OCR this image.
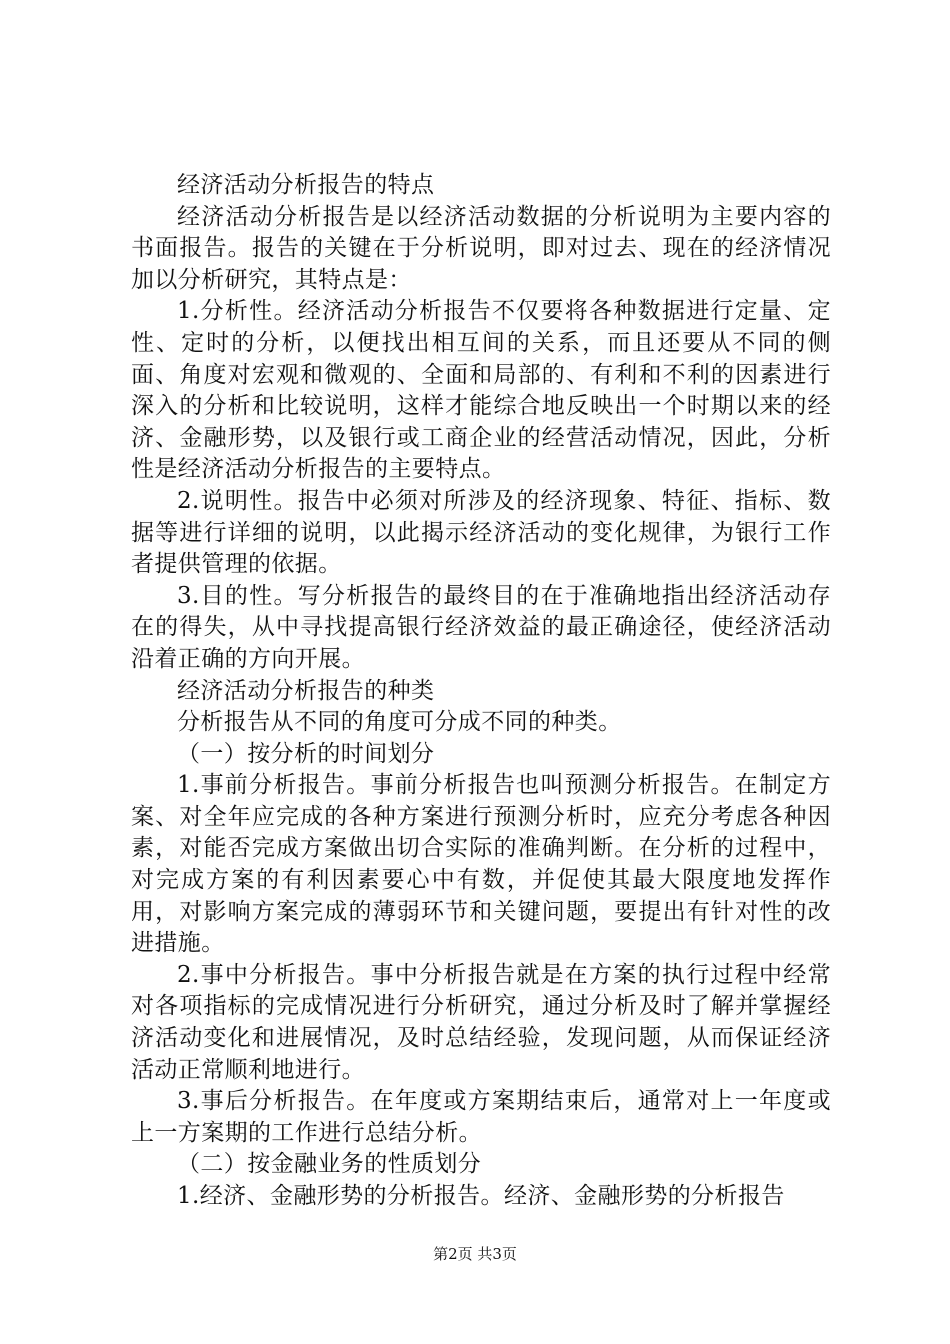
经济活动分析报告的特点

经济活动分析报告是以经济活动数据的分析说明为主要内容的书面报告。报告的关键在于分析说明，即对过去、现在的经济情况加以分析研究，其特点是：

1.分析性。经济活动分析报告不仅要将各种数据进行定量、定性、定时的分析，以便找出相互间的关系，而且还要从不同的侧面、角度对宏观和微观的、全面和局部的、有利和不利的因素进行深入的分析和比较说明，这样才能综合地反映出一个时期以来的经济、金融形势，以及银行或工商企业的经营活动情况，因此，分析性是经济活动分析报告的主要特点。

2.说明性。报告中必须对所涉及的经济现象、特征、指标、数据等进行详细的说明，以此揭示经济活动的变化规律，为银行工作者提供管理的依据。

3.目的性。写分析报告的最终目的在于准确地指出经济活动存在的得失，从中寻找提高银行经济效益的最正确途径，使经济活动沿着正确的方向开展。

经济活动分析报告的种类

分析报告从不同的角度可分成不同的种类。

（一）按分析的时间划分

1.事前分析报告。事前分析报告也叫预测分析报告。在制定方案、对全年应完成的各种方案进行预测分析时，应充分考虑各种因素，对能否完成方案做出切合实际的准确判断。在分析的过程中，对完成方案的有利因素要心中有数，并促使其最大限度地发挥作用，对影响方案完成的薄弱环节和关键问题，要提出有针对性的改进措施。

2.事中分析报告。事中分析报告就是在方案的执行过程中经常对各项指标的完成情况进行分析研究，通过分析及时了解并掌握经济活动变化和进展情况，及时总结经验，发现问题，从而保证经济活动正常顺利地进行。

3.事后分析报告。在年度或方案期结束后，通常对上一年度或上一方案期的工作进行总结分析。

（二）按金融业务的性质划分

1.经济、金融形势的分析报告。经济、金融形势的分析报告

第2页 共3页
